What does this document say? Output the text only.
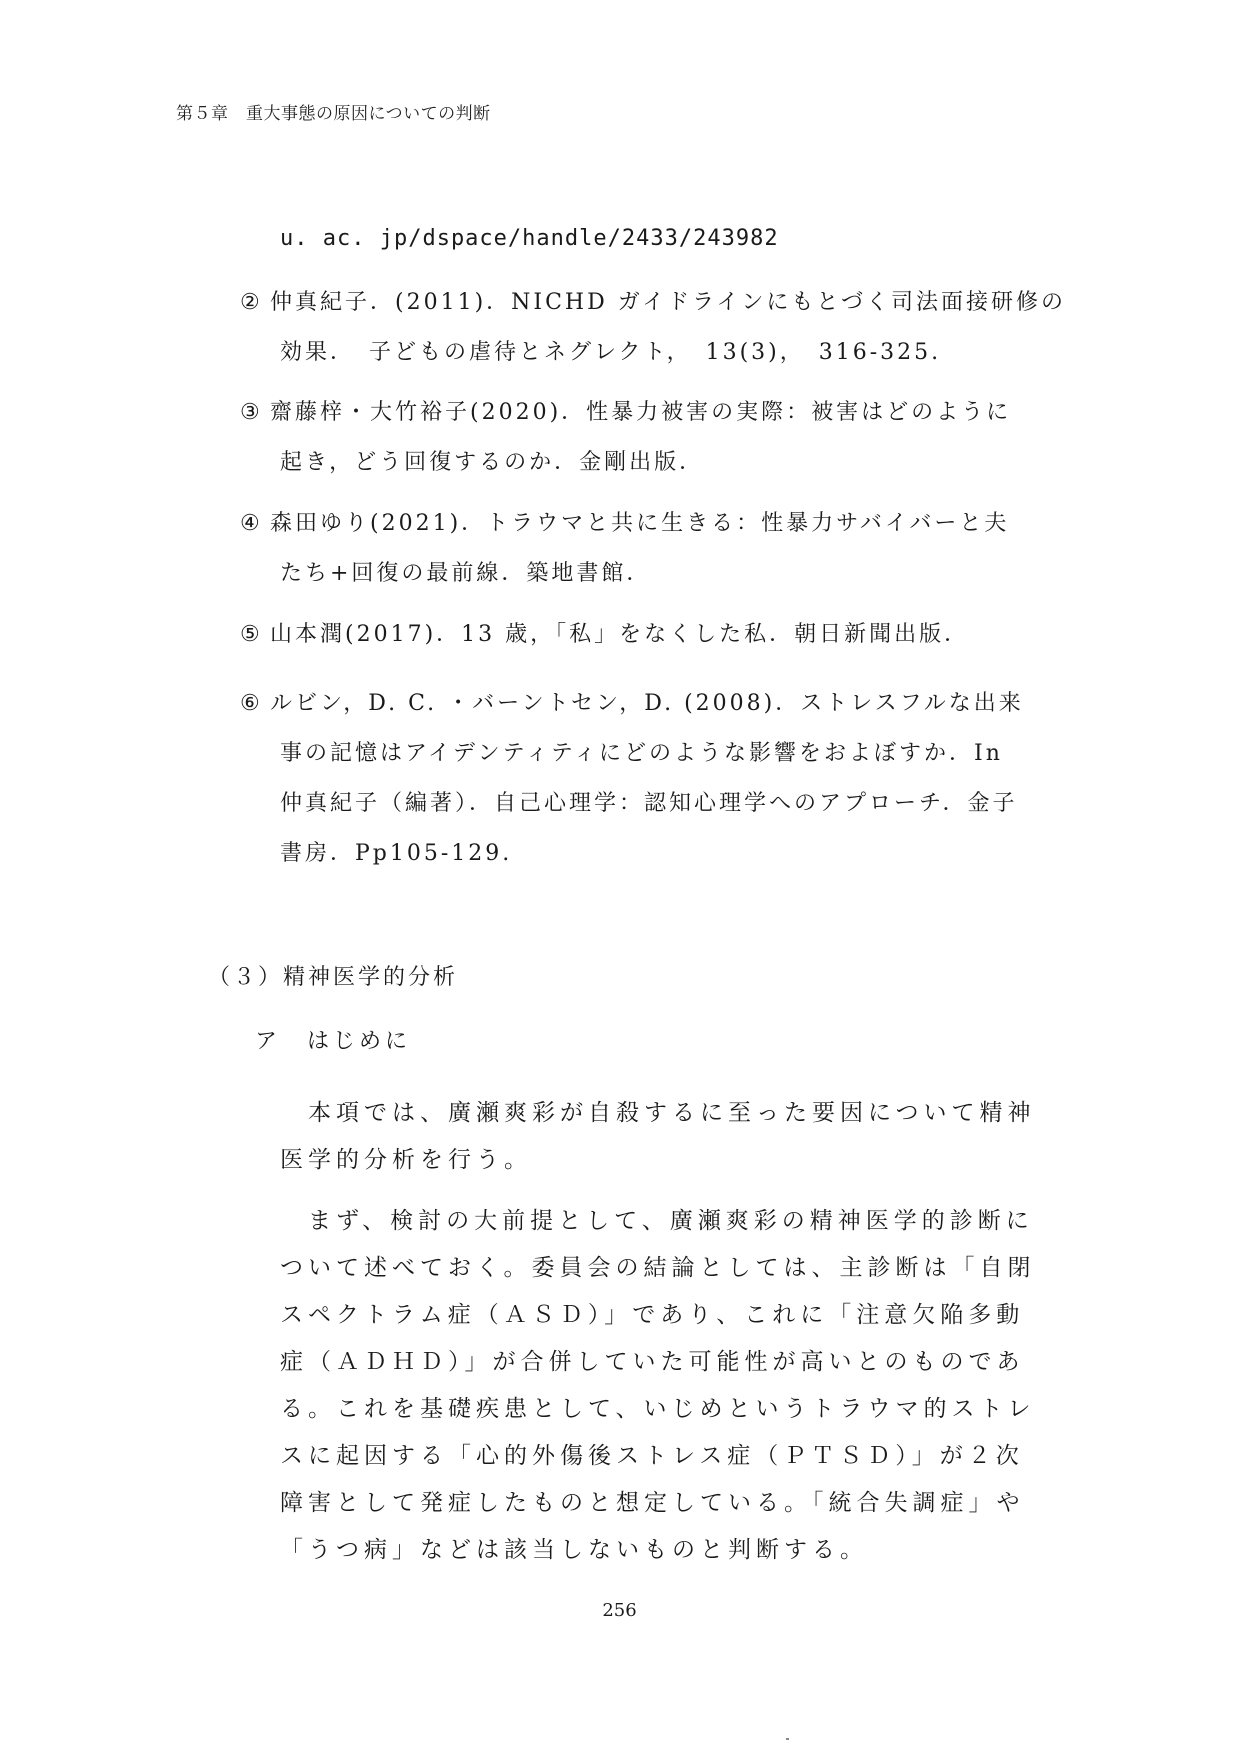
第５章　重大事態の原因についての判断
u. ac. jp/dspace/handle/2433/243982
② 仲真紀子．(2011)．NICHD ガイドラインにもとづく司法面接研修の
効果．　子どもの虐待とネグレクト，　13(3)，　316-325.
③ 齋藤梓・大竹裕子(2020)．性暴力被害の実際：被害はどのように
起き，どう回復するのか．金剛出版．
④ 森田ゆり(2021)．トラウマと共に生きる：性暴力サバイバーと夫
たち+回復の最前線．築地書館．
⑤ 山本潤(2017)．13 歳，「私」をなくした私．朝日新聞出版．
⑥ ルビン，D. C. ・バーントセン，D. (2008)．ストレスフルな出来
事の記憶はアイデンティティにどのような影響をおよぼすか．In
仲真紀子（編著）．自己心理学：認知心理学へのアプローチ．金子
書房．Pp105-129.
（３）精神医学的分析
ア　はじめに

本項では、廣瀬爽彩が自殺するに至った要因について精神医学的分析を行う。

まず、検討の大前提として、廣瀬爽彩の精神医学的診断について述べておく。委員会の結論としては、主診断は「自閉スペクトラム症（ＡＳＤ）」であり、これに「注意欠陥多動症（ＡＤＨＤ）」が合併していた可能性が高いとのものである。これを基礎疾患として、いじめというトラウマ的ストレスに起因する「心的外傷後ストレス症（ＰＴＳＤ）」が２次障害として発症したものと想定している。「統合失調症」や「うつ病」などは該当しないものと判断する。

256
